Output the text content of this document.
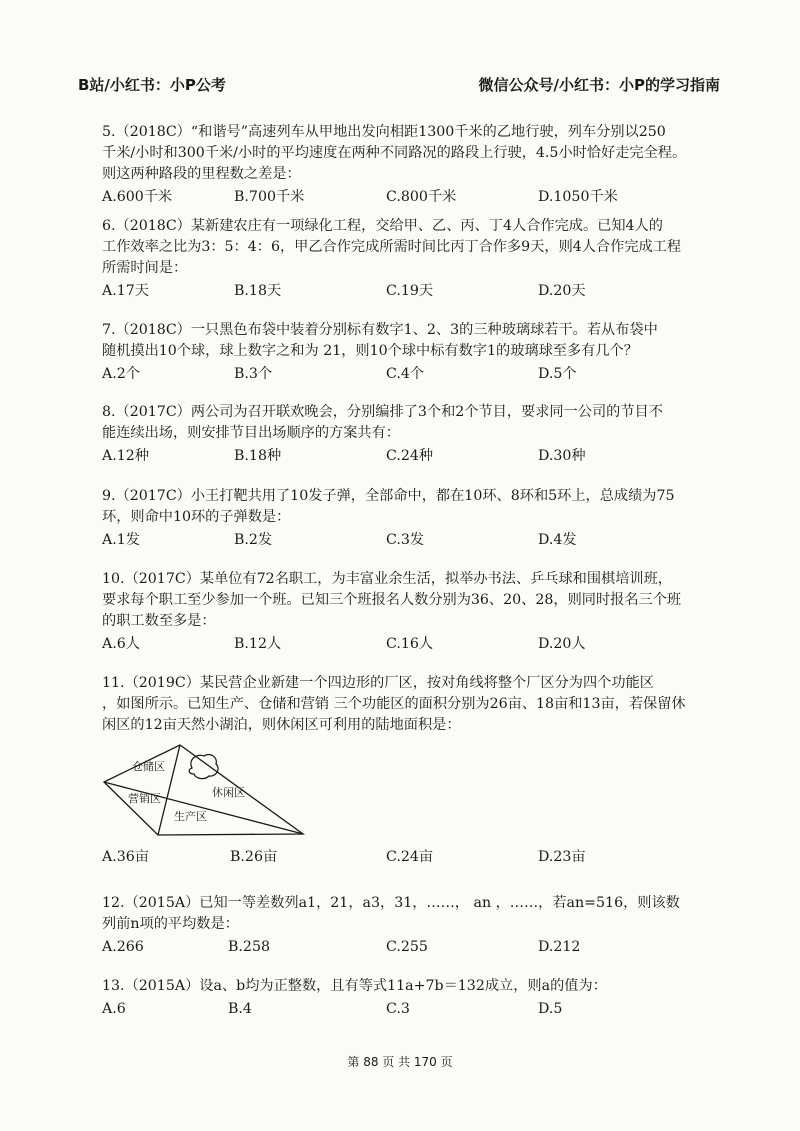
B站/小红书：小P公考	微信公众号/小红书：小P的学习指南
5.（2018C）“和谐号”高速列车从甲地出发向相距1300千米的乙地行驶，列车分别以250
千米/小时和300千米/小时的平均速度在两种不同路况的路段上行驶，4.5小时恰好走完全程。
则这两种路段的里程数之差是：
A.600千米	B.700千米	C.800千米	D.1050千米
6.（2018C）某新建农庄有一项绿化工程，交给甲、乙、丙、丁4人合作完成。已知4人的
工作效率之比为3：5：4：6，甲乙合作完成所需时间比丙丁合作多9天，则4人合作完成工程
所需时间是：
A.17天	B.18天	C.19天	D.20天
7.（2018C）一只黑色布袋中装着分别标有数字1、2、3的三种玻璃球若干。若从布袋中
随机摸出10个球，球上数字之和为 21，则10个球中标有数字1的玻璃球至多有几个？
A.2个	B.3个	C.4个	D.5个
8.（2017C）两公司为召开联欢晚会，分别编排了3个和2个节目，要求同一公司的节目不
能连续出场，则安排节目出场顺序的方案共有：
A.12种	B.18种	C.24种	D.30种
9.（2017C）小王打靶共用了10发子弹，全部命中，都在10环、8环和5环上，总成绩为75
环，则命中10环的子弹数是：
A.1发	B.2发	C.3发	D.4发
10.（2017C）某单位有72名职工，为丰富业余生活，拟举办书法、乒乓球和围棋培训班，
要求每个职工至少参加一个班。已知三个班报名人数分别为36、20、28，则同时报名三个班
的职工数至多是：
A.6人	B.12人	C.16人	D.20人
11.（2019C）某民营企业新建一个四边形的厂区，按对角线将整个厂区分为四个功能区
，如图所示。已知生产、仓储和营销 三个功能区的面积分别为26亩、18亩和13亩，若保留休
闲区的12亩天然小湖泊，则休闲区可利用的陆地面积是：
仓储区
营销区	休闲区
生产区
A.36亩	B.26亩	C.24亩	D.23亩
12.（2015A）已知一等差数列a1，21，a3，31，……， an ，……，若an=516，则该数
列前n项的平均数是：
A.266	B.258	C.255	D.212
13.（2015A）设a、b均为正整数，且有等式11a+7b＝132成立，则a的值为：
A.6	B.4	C.3	D.5
第 88 页 共 170 页
